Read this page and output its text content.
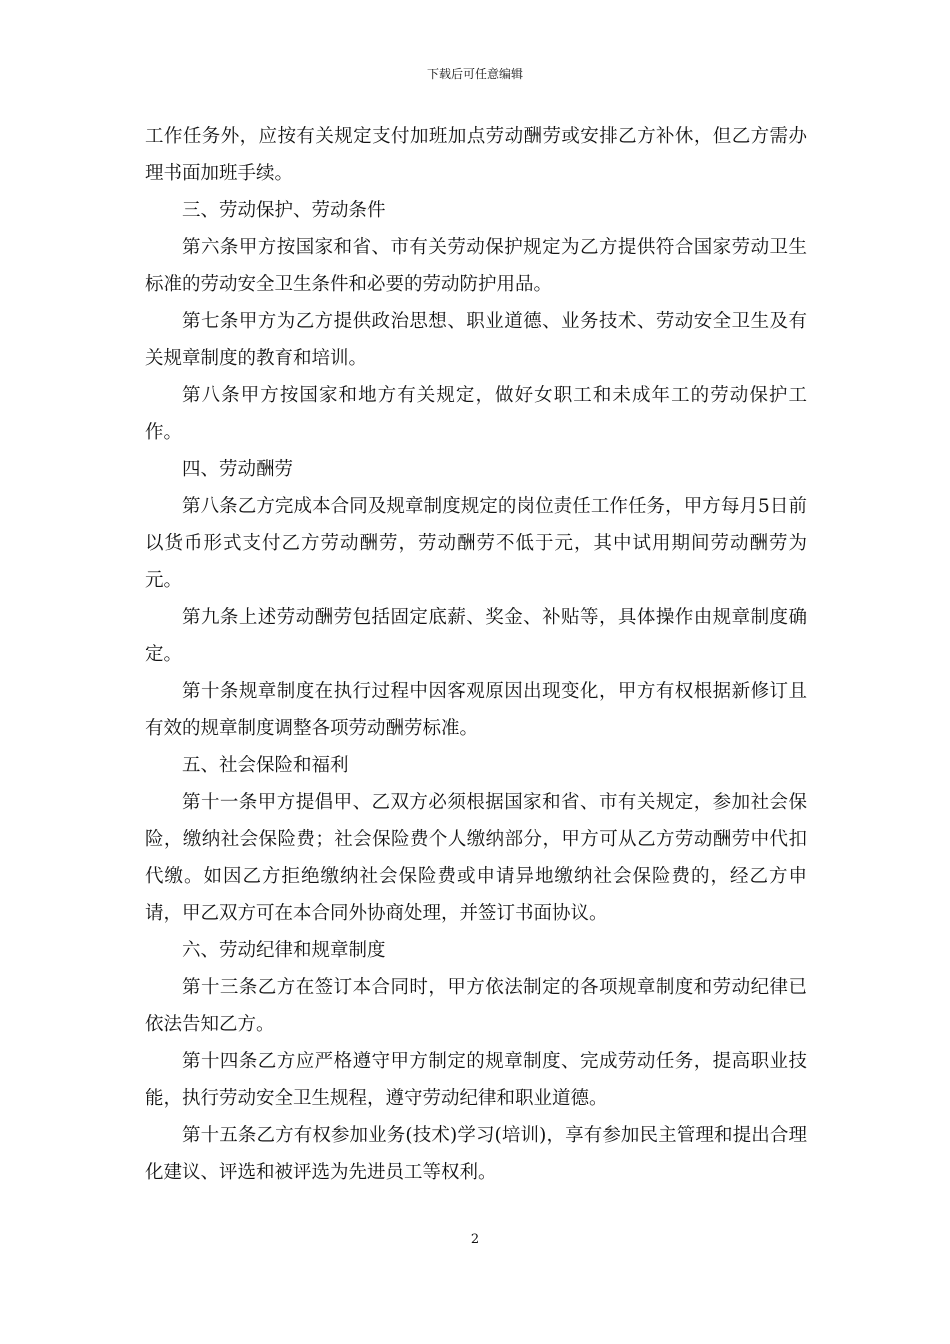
下载后可任意编辑

工作任务外，应按有关规定支付加班加点劳动酬劳或安排乙方补休，但乙方需办理书面加班手续。

三、劳动保护、劳动条件

第六条甲方按国家和省、市有关劳动保护规定为乙方提供符合国家劳动卫生标准的劳动安全卫生条件和必要的劳动防护用品。

第七条甲方为乙方提供政治思想、职业道德、业务技术、劳动安全卫生及有关规章制度的教育和培训。

第八条甲方按国家和地方有关规定，做好女职工和未成年工的劳动保护工作。

四、劳动酬劳

第八条乙方完成本合同及规章制度规定的岗位责任工作任务，甲方每月5日前以货币形式支付乙方劳动酬劳，劳动酬劳不低于元，其中试用期间劳动酬劳为元。

第九条上述劳动酬劳包括固定底薪、奖金、补贴等，具体操作由规章制度确定。

第十条规章制度在执行过程中因客观原因出现变化，甲方有权根据新修订且有效的规章制度调整各项劳动酬劳标准。

五、社会保险和福利

第十一条甲方提倡甲、乙双方必须根据国家和省、市有关规定，参加社会保险，缴纳社会保险费；社会保险费个人缴纳部分，甲方可从乙方劳动酬劳中代扣代缴。如因乙方拒绝缴纳社会保险费或申请异地缴纳社会保险费的，经乙方申请，甲乙双方可在本合同外协商处理，并签订书面协议。

六、劳动纪律和规章制度

第十三条乙方在签订本合同时，甲方依法制定的各项规章制度和劳动纪律已依法告知乙方。

第十四条乙方应严格遵守甲方制定的规章制度、完成劳动任务，提高职业技能，执行劳动安全卫生规程，遵守劳动纪律和职业道德。

第十五条乙方有权参加业务(技术)学习(培训)，享有参加民主管理和提出合理化建议、评选和被评选为先进员工等权利。

2
